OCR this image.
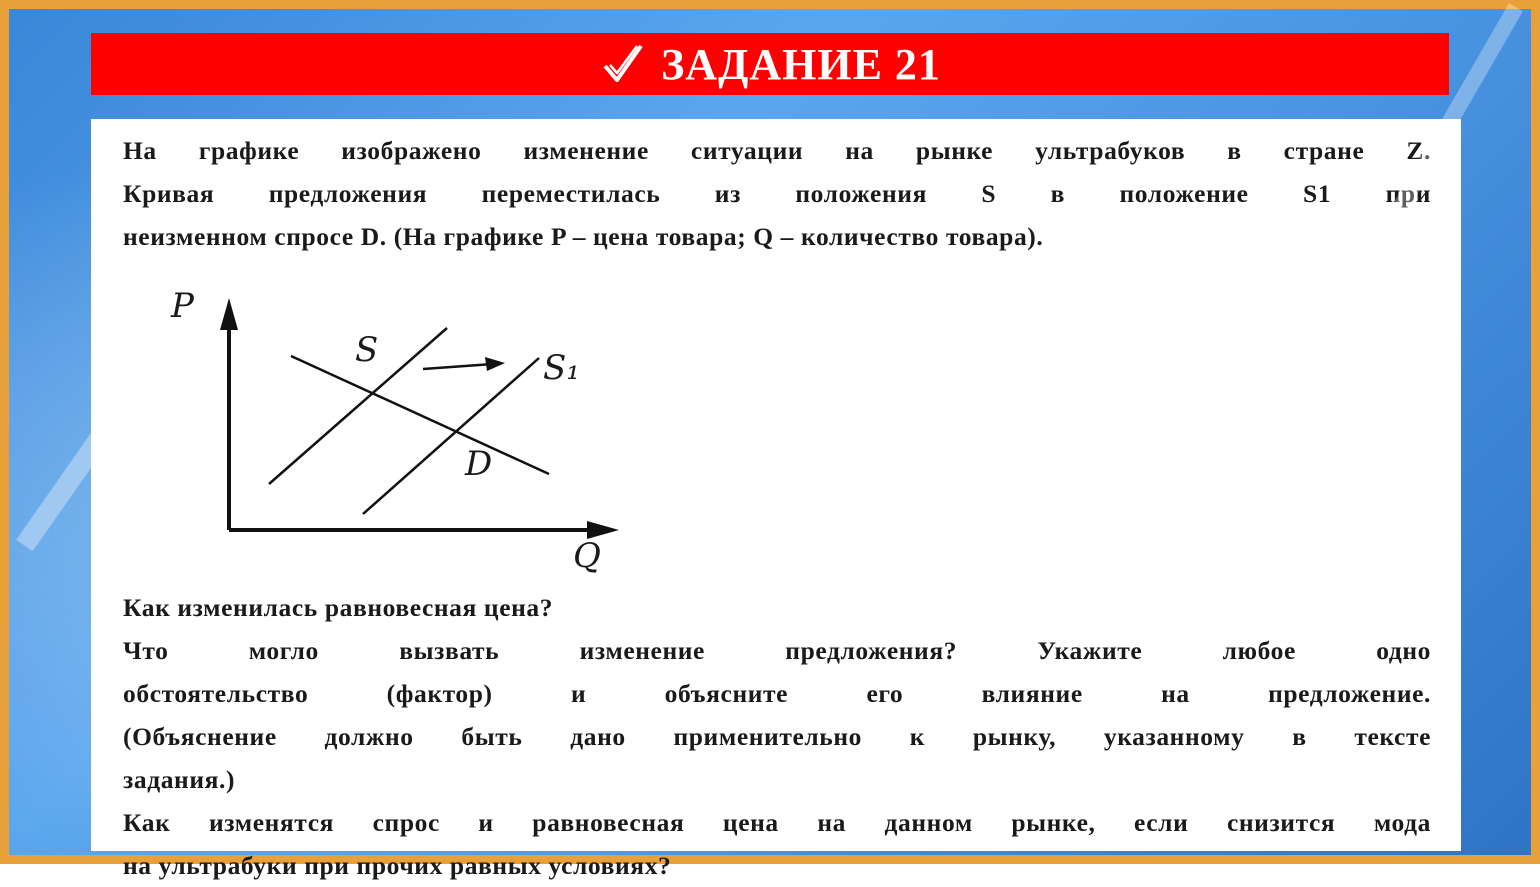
ЗАДАНИЕ 21
На графике изображено изменение ситуации на рынке ультрабуков в стране Z.
Кривая предложения переместилась из положения S в положение S1 при
неизменном спросе D. (На графике P – цена товара; Q – количество товара).
P
Q
S	S₁
D
Как изменилась равновесная цена?
Что могло вызвать изменение предложения? Укажите любое одно
обстоятельство (фактор) и объясните его влияние на предложение.
(Объяснение должно быть дано применительно к рынку, указанному в тексте
задания.)
Как изменятся спрос и равновесная цена на данном рынке, если снизится мода
на ультрабуки при прочих равных условиях?
